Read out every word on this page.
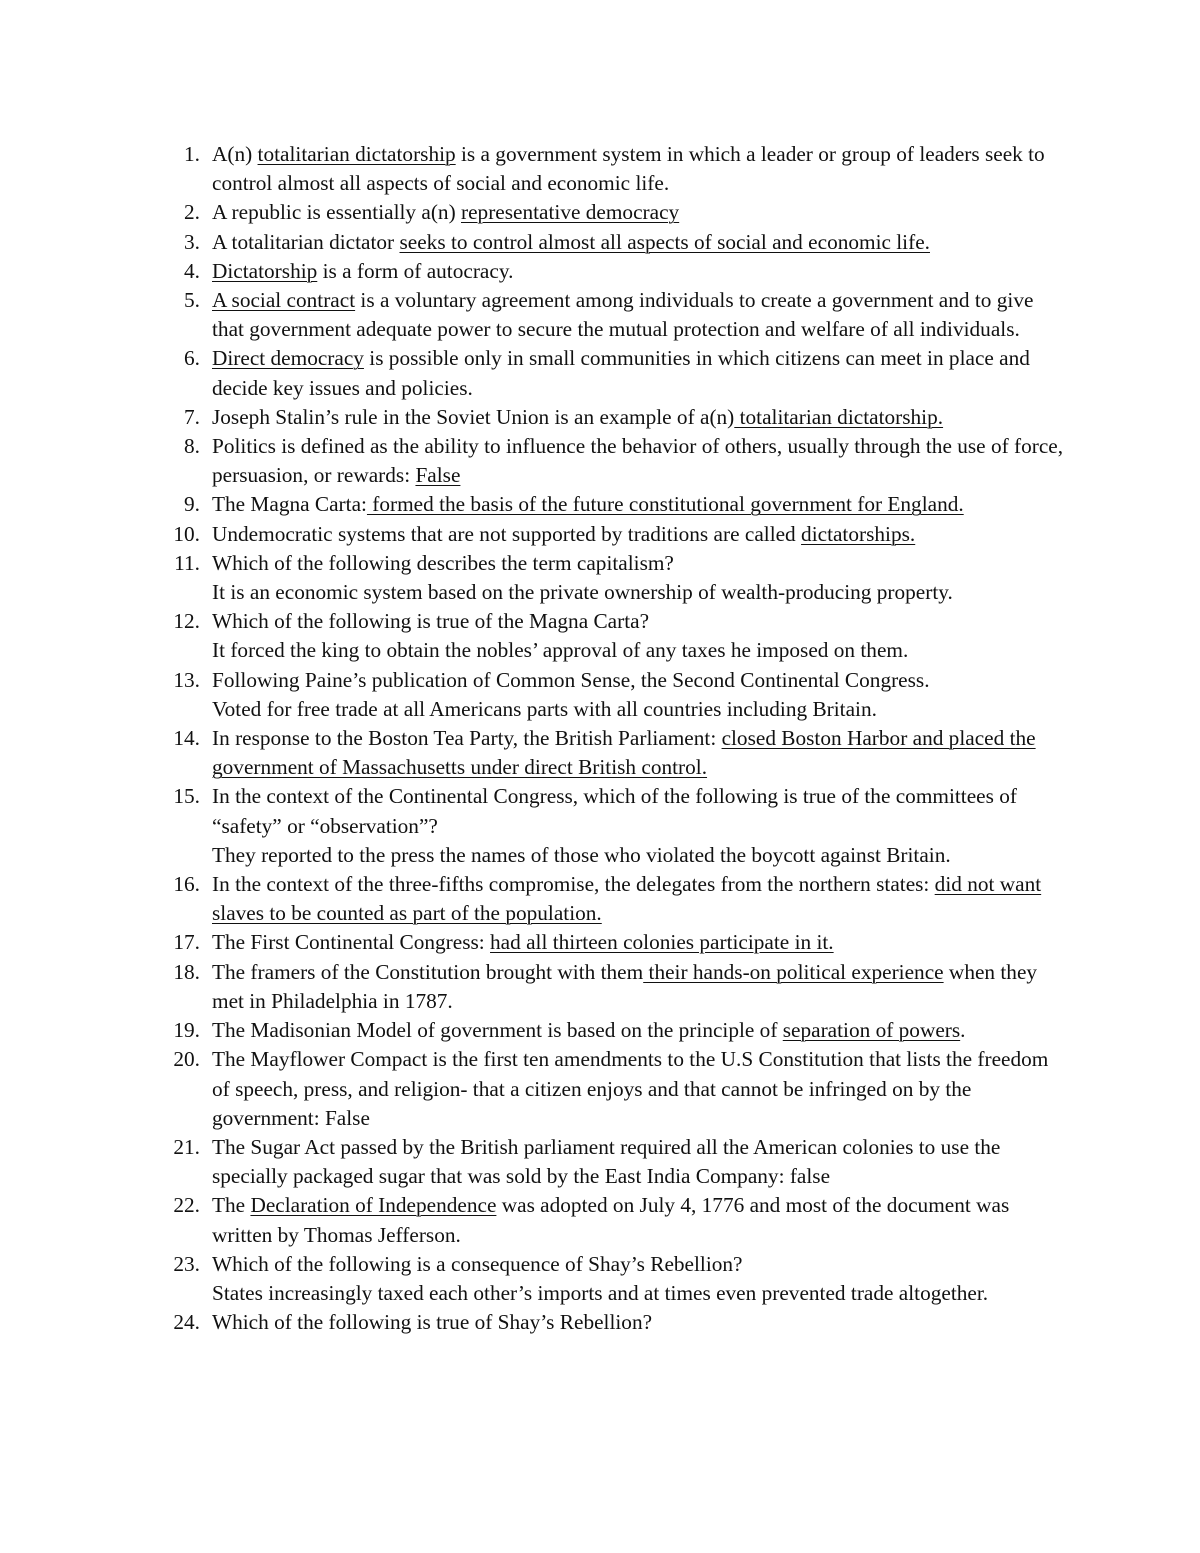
1. A(n) totalitarian dictatorship is a government system in which a leader or group of leaders seek to control almost all aspects of social and economic life.
2. A republic is essentially a(n) representative democracy
3. A totalitarian dictator seeks to control almost all aspects of social and economic life.
4. Dictatorship is a form of autocracy.
5. A social contract is a voluntary agreement among individuals to create a government and to give that government adequate power to secure the mutual protection and welfare of all individuals.
6. Direct democracy is possible only in small communities in which citizens can meet in place and decide key issues and policies.
7. Joseph Stalin’s rule in the Soviet Union is an example of a(n) totalitarian dictatorship.
8. Politics is defined as the ability to influence the behavior of others, usually through the use of force, persuasion, or rewards: False
9. The Magna Carta: formed the basis of the future constitutional government for England.
10. Undemocratic systems that are not supported by traditions are called dictatorships.
11. Which of the following describes the term capitalism?
It is an economic system based on the private ownership of wealth-producing property.
12. Which of the following is true of the Magna Carta?
It forced the king to obtain the nobles’ approval of any taxes he imposed on them.
13. Following Paine’s publication of Common Sense, the Second Continental Congress.
Voted for free trade at all Americans parts with all countries including Britain.
14. In response to the Boston Tea Party, the British Parliament: closed Boston Harbor and placed the government of Massachusetts under direct British control.
15. In the context of the Continental Congress, which of the following is true of the committees of “safety” or “observation”?
They reported to the press the names of those who violated the boycott against Britain.
16. In the context of the three-fifths compromise, the delegates from the northern states: did not want slaves to be counted as part of the population.
17. The First Continental Congress: had all thirteen colonies participate in it.
18. The framers of the Constitution brought with them their hands-on political experience when they met in Philadelphia in 1787.
19. The Madisonian Model of government is based on the principle of separation of powers.
20. The Mayflower Compact is the first ten amendments to the U.S Constitution that lists the freedom of speech, press, and religion- that a citizen enjoys and that cannot be infringed on by the government: False
21. The Sugar Act passed by the British parliament required all the American colonies to use the specially packaged sugar that was sold by the East India Company: false
22. The Declaration of Independence was adopted on July 4, 1776 and most of the document was written by Thomas Jefferson.
23. Which of the following is a consequence of Shay’s Rebellion?
States increasingly taxed each other’s imports and at times even prevented trade altogether.
24. Which of the following is true of Shay’s Rebellion?
